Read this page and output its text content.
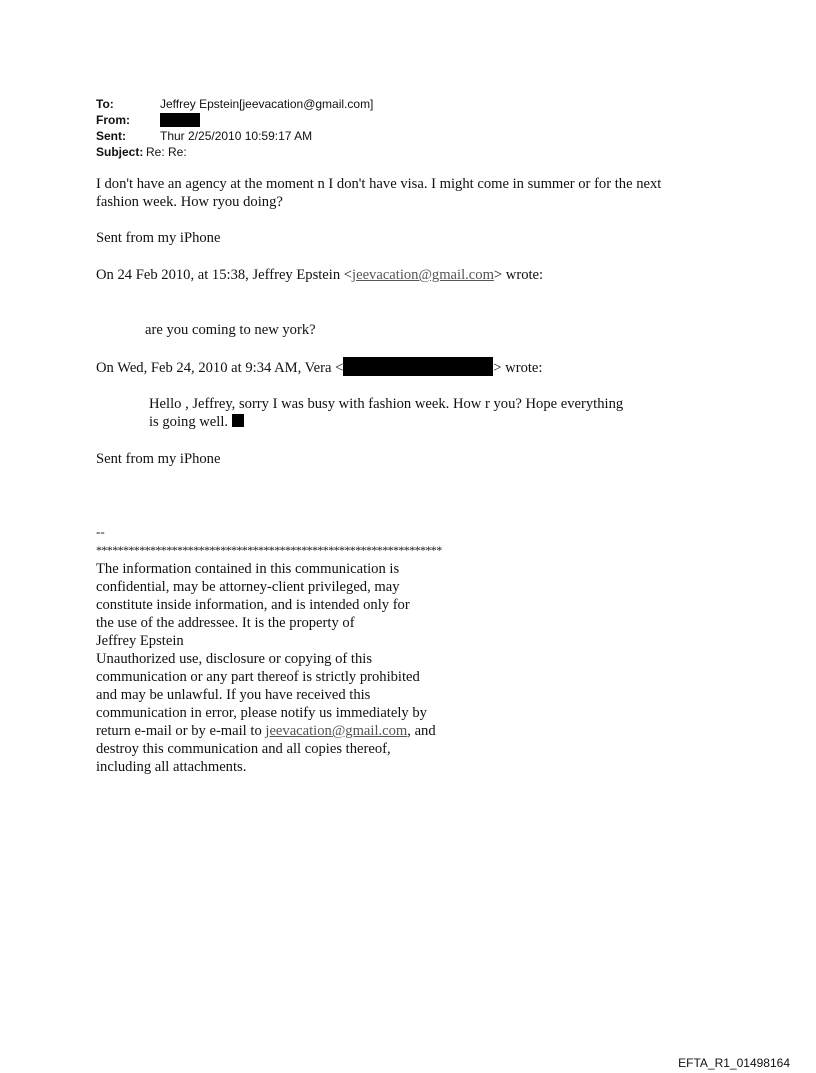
To:	Jeffrey Epstein[jeevacation@gmail.com]
From:
Sent:	Thur 2/25/2010 10:59:17 AM
Subject: Re: Re:
I don't have an agency at the moment n I don't have visa. I might come in summer or for the next
fashion week. How ryou doing?
Sent from my iPhone
On 24 Feb 2010, at 15:38, Jeffrey Epstein <jeevacation@gmail.com> wrote:
are you coming to new york?
On Wed, Feb 24, 2010 at 9:34 AM, Vera <	> wrote:
Hello , Jeffrey, sorry I was busy with fashion week. How r you? Hope everything
is going well.
Sent from my iPhone
--
****************************************************************
The information contained in this communication is
confidential, may be attorney-client privileged, may
constitute inside information, and is intended only for
the use of the addressee. It is the property of
Jeffrey Epstein
Unauthorized use, disclosure or copying of this
communication or any part thereof is strictly prohibited
and may be unlawful. If you have received this
communication in error, please notify us immediately by
return e-mail or by e-mail to jeevacation@gmail.com, and
destroy this communication and all copies thereof,
including all attachments.
EFTA_R1_01498164
